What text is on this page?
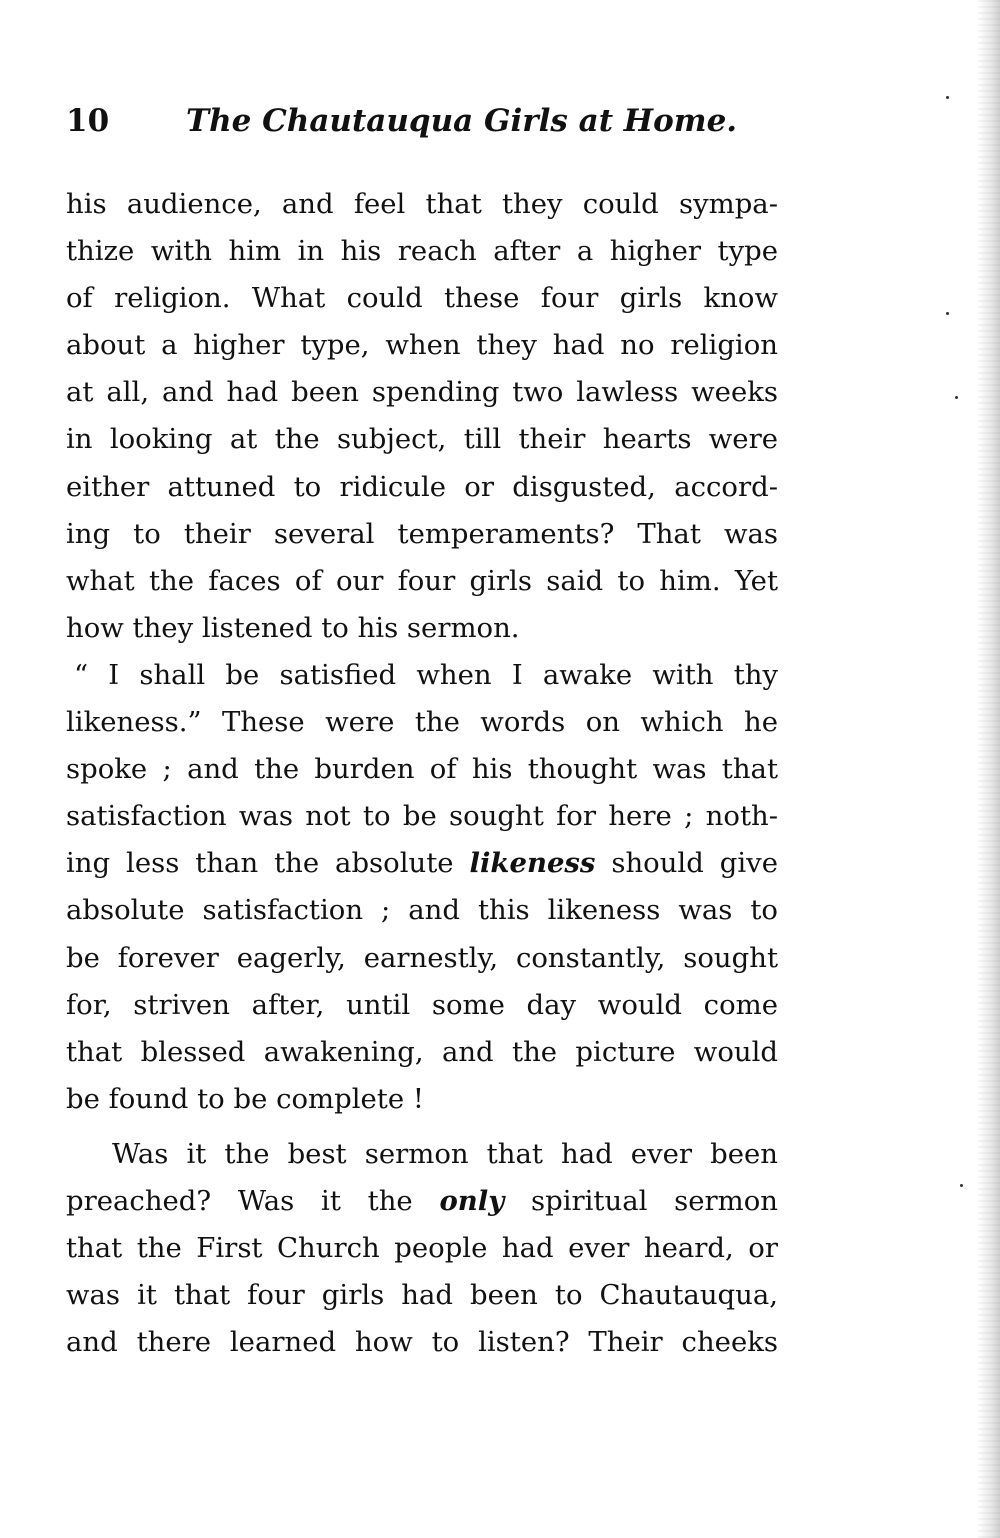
10 The Chautauqua Girls at Home.
his audience, and feel that they could sympa-
thize with him in his reach after a higher type
of religion. What could these four girls know
about a higher type, when they had no religion
at all, and had been spending two lawless weeks
in looking at the subject, till their hearts were
either attuned to ridicule or disgusted, accord-
ing to their several temperaments? That was
what the faces of our four girls said to him. Yet
how they listened to his sermon.
“ I shall be satisfied when I awake with thy
likeness.” These were the words on which he
spoke ; and the burden of his thought was that
satisfaction was not to be sought for here ; noth-
ing less than the absolute likeness should give
absolute satisfaction ; and this likeness was to
be forever eagerly, earnestly, constantly, sought
for, striven after, until some day would come
that blessed awakening, and the picture would
be found to be complete !
Was it the best sermon that had ever been
preached? Was it the only spiritual sermon
that the First Church people had ever heard, or
was it that four girls had been to Chautauqua,
and there learned how to listen? Their cheeks
